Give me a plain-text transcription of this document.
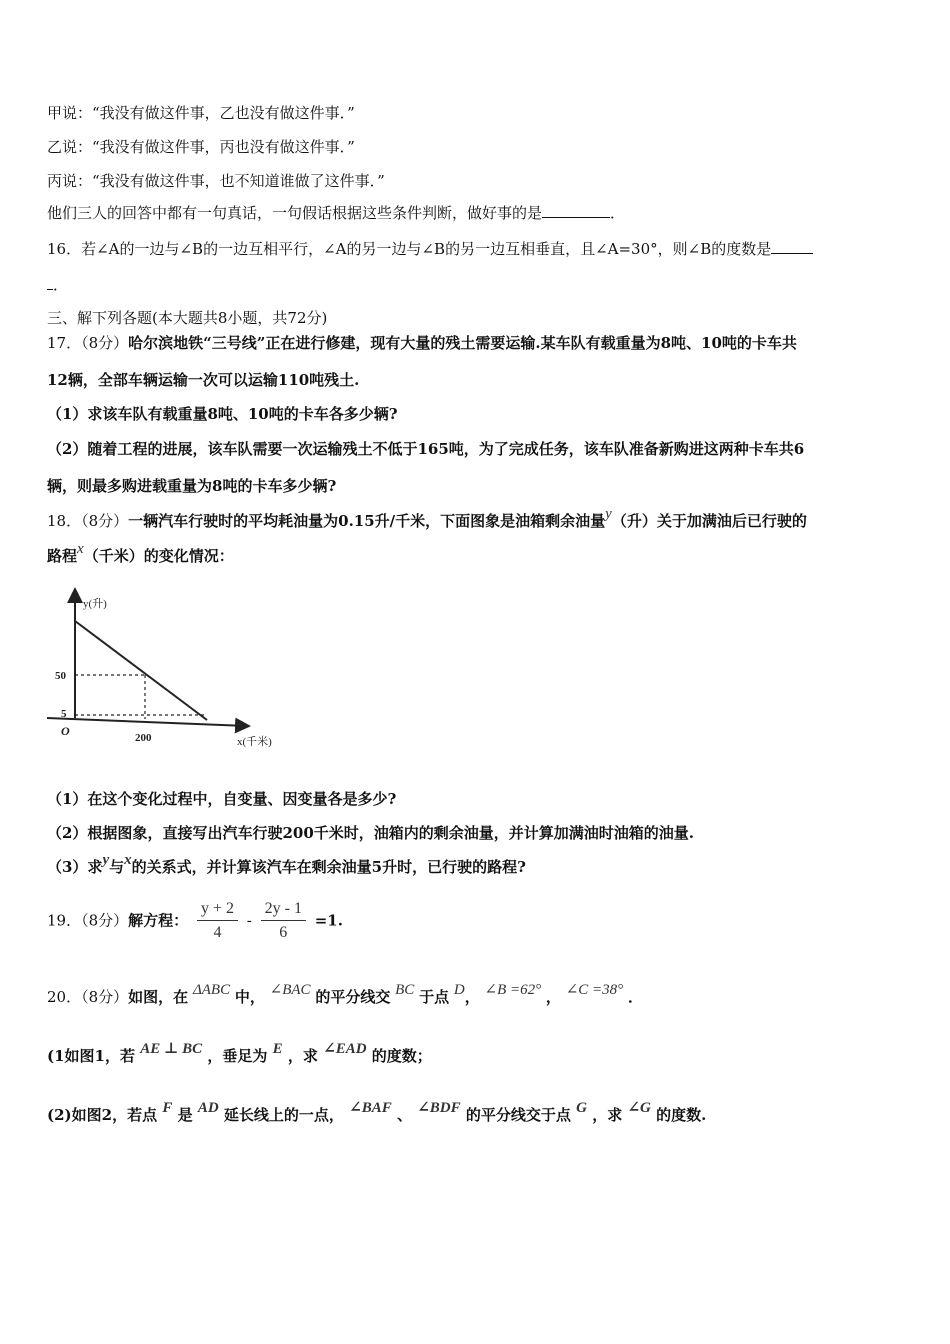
甲说：“我没有做这件事，乙也没有做这件事．”
乙说：“我没有做这件事，丙也没有做这件事．”
丙说：“我没有做这件事，也不知道谁做了这件事．”
他们三人的回答中都有一句真话，一句假话根据这些条件判断，做好事的是	．
16．若∠A的一边与∠B的一边互相平行，∠A的另一边与∠B的另一边互相垂直，且∠A=30°，则∠B的度数是
．
三、解下列各题(本大题共8小题，共72分)
17．（8分）哈尔滨地铁“三号线”正在进行修建，现有大量的残土需要运输.某车队有载重量为8吨、10吨的卡车共
12辆，全部车辆运输一次可以运输110吨残土.
（1）求该车队有载重量8吨、10吨的卡车各多少辆?
（2）随着工程的进展，该车队需要一次运输残土不低于165吨，为了完成任务，该车队准备新购进这两种卡车共6
辆，则最多购进载重量为8吨的卡车多少辆?
18．（8分）一辆汽车行驶时的平均耗油量为0.15升/千米，下面图象是油箱剩余油量y（升）关于加满油后已行驶的
路程x（千米）的变化情况：
y(升)
50
5
O	200	x(千米)
（1）在这个变化过程中，自变量、因变量各是多少?
（2）根据图象，直接写出汽车行驶200千米时，油箱内的剩余油量，并计算加满油时油箱的油量.
（3）求y与x的关系式，并计算该汽车在剩余油量5升时，已行驶的路程?
19．（8分）解方程： $\frac{y + 2}{4} - \frac{2y - 1}{6} =1$.
20．（8分）如图，在 ΔABC 中， ∠BAC 的平分线交 BC 于点 D， ∠B =62° ， ∠C =38° ．
(1如图1，若 AE ⊥ BC ，垂足为 E ，求 ∠EAD 的度数；
(2)如图2，若点 F 是 AD 延长线上的一点， ∠BAF 、 ∠BDF 的平分线交于点 G ，求 ∠G 的度数.
